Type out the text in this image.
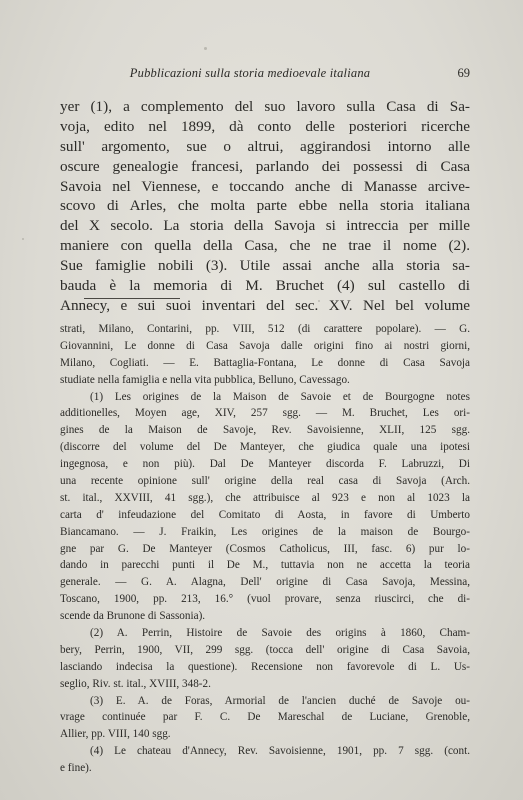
Pubblicazioni sulla storia medioevale italiana	69
yer (1), a complemento del suo lavoro sulla Casa di Sa-
voja, edito nel 1899, dà conto delle posteriori ricerche
sull' argomento, sue o altrui, aggirandosi intorno alle
oscure genealogie francesi, parlando dei possessi di Casa
Savoia nel Viennese, e toccando anche di Manasse arcive-
scovo di Arles, che molta parte ebbe nella storia italiana
del X secolo. La storia della Savoja si intreccia per mille
maniere con quella della Casa, che ne trae il nome (2).
Sue famiglie nobili (3). Utile assai anche alla storia sa-
bauda è la memoria di M. Bruchet (4) sul castello di
Annecy, e sui suoi inventari del sec. XV. Nel bel volume
strati, Milano, Contarini, pp. VIII, 512 (di carattere popolare). — G.
Giovannini, Le donne di Casa Savoja dalle origini fino ai nostri giorni,
Milano, Cogliati. — E. Battaglia-Fontana, Le donne di Casa Savoja
studiate nella famiglia e nella vita pubblica, Belluno, Cavessago.
(1) Les origines de la Maison de Savoie et de Bourgogne notes
additionelles, Moyen age, XIV, 257 sgg. — M. Bruchet, Les ori-
gines de la Maison de Savoje, Rev. Savoisienne, XLII, 125 sgg.
(discorre del volume del De Manteyer, che giudica quale una ipotesi
ingegnosa, e non più). Dal De Manteyer discorda F. Labruzzi, Di
una recente opinione sull' origine della real casa di Savoja (Arch.
st. ital., XXVIII, 41 sgg.), che attribuisce al 923 e non al 1023 la
carta d' infeudazione del Comitato di Aosta, in favore di Umberto
Biancamano. — J. Fraikin, Les origines de la maison de Bourgo-
gne par G. De Manteyer (Cosmos Catholicus, III, fasc. 6) pur lo-
dando in parecchi punti il De M., tuttavia non ne accetta la teoria
generale. — G. A. Alagna, Dell' origine di Casa Savoja, Messina,
Toscano, 1900, pp. 213, 16.° (vuol provare, senza riuscirci, che di-
scende da Brunone di Sassonia).
(2) A. Perrin, Histoire de Savoie des origins à 1860, Cham-
bery, Perrin, 1900, VII, 299 sgg. (tocca dell' origine di Casa Savoia,
lasciando indecisa la questione). Recensione non favorevole di L. Us-
seglio, Riv. st. ital., XVIII, 348-2.
(3) E. A. de Foras, Armorial de l'ancien duché de Savoje ou-
vrage continuée par F. C. De Mareschal de Luciane, Grenoble,
Allier, pp. VIII, 140 sgg.
(4) Le chateau d'Annecy, Rev. Savoisienne, 1901, pp. 7 sgg. (cont.
e fine).
